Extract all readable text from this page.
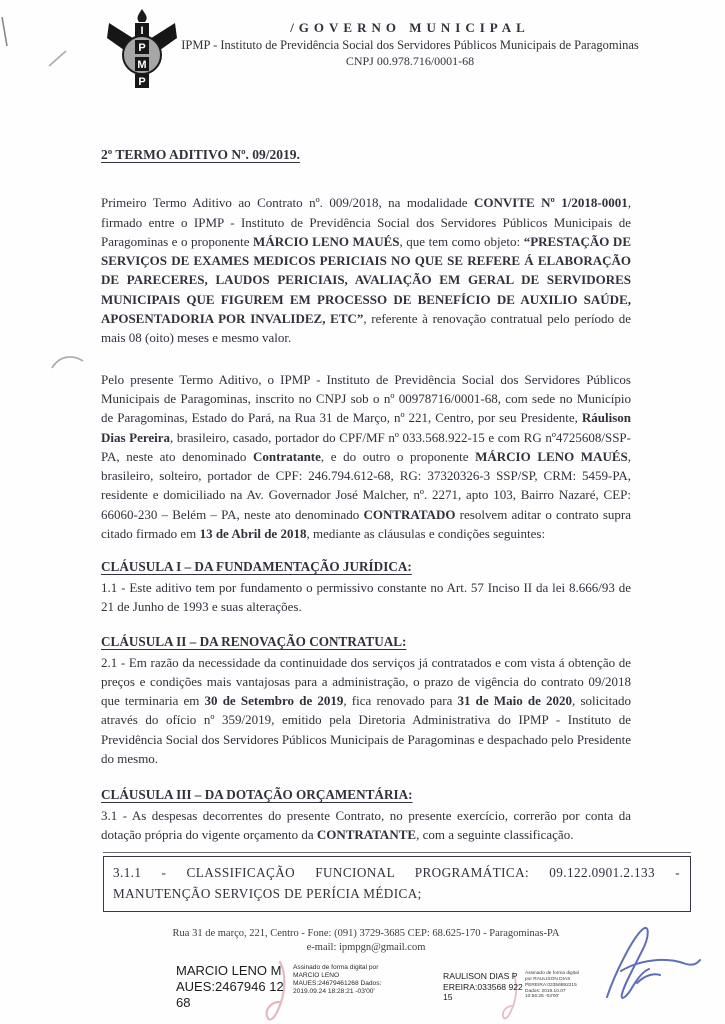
I
P
M
P
/GOVERNO MUNICIPAL
IPMP - Instituto de Previdência Social dos Servidores Públicos Municipais de Paragominas
CNPJ 00.978.716/0001-68
2º TERMO ADITIVO Nº. 09/2019.
Primeiro Termo Aditivo ao Contrato nº. 009/2018, na modalidade CONVITE Nº 1/2018-0001, firmado entre o IPMP - Instituto de Previdência Social dos Servidores Públicos Municipais de Paragominas e o proponente MÁRCIO LENO MAUÉS, que tem como objeto: “PRESTAÇÃO DE SERVIÇOS DE EXAMES MEDICOS PERICIAIS NO QUE SE REFERE Á ELABORAÇÃO DE PARECERES, LAUDOS PERICIAIS, AVALIAÇÃO EM GERAL DE SERVIDORES MUNICIPAIS QUE FIGUREM EM PROCESSO DE BENEFÍCIO DE AUXILIO SAÚDE, APOSENTADORIA POR INVALIDEZ, ETC”, referente à renovação contratual pelo período de mais 08 (oito) meses e mesmo valor.
Pelo presente Termo Aditivo, o IPMP - Instituto de Previdência Social dos Servidores Públicos Municipais de Paragominas, inscrito no CNPJ sob o nº 00978716/0001-68, com sede no Município de Paragominas, Estado do Pará, na Rua 31 de Março, nº 221, Centro, por seu Presidente, Ráulison Dias Pereira, brasileiro, casado, portador do CPF/MF nº 033.568.922-15 e com RG nº4725608/SSP-PA, neste ato denominado Contratante, e do outro o proponente MÁRCIO LENO MAUÉS, brasileiro, solteiro, portador de CPF: 246.794.612-68, RG: 37320326-3 SSP/SP, CRM: 5459-PA, residente e domiciliado na Av. Governador José Malcher, nº. 2271, apto 103, Bairro Nazaré, CEP: 66060-230 – Belém – PA, neste ato denominado CONTRATADO resolvem aditar o contrato supra citado firmado em 13 de Abril de 2018, mediante as cláusulas e condições seguintes:
CLÁUSULA I – DA FUNDAMENTAÇÃO JURÍDICA:
1.1 - Este aditivo tem por fundamento o permissivo constante no Art. 57 Inciso II da lei 8.666/93 de 21 de Junho de 1993 e suas alterações.
CLÁUSULA II – DA RENOVAÇÃO CONTRATUAL:
2.1 - Em razão da necessidade da continuidade dos serviços já contratados e com vista á obtenção de preços e condições mais vantajosas para a administração, o prazo de vigência do contrato 09/2018 que terminaria em 30 de Setembro de 2019, fica renovado para 31 de Maio de 2020, solicitado através do ofício nº 359/2019, emitido pela Diretoria Administrativa do IPMP - Instituto de Previdência Social dos Servidores Públicos Municipais de Paragominas e despachado pelo Presidente do mesmo.
CLÁUSULA III – DA DOTAÇÃO ORÇAMENTÁRIA:
3.1 - As despesas decorrentes do presente Contrato, no presente exercício, correrão por conta da dotação própria do vigente orçamento da CONTRATANTE, com a seguinte classificação.
3.1.1 - CLASSIFICAÇÃO FUNCIONAL PROGRAMÁTICA: 09.122.0901.2.133 -
MANUTENÇÃO SERVIÇOS DE PERÍCIA MÉDICA;
Rua 31 de março, 221, Centro - Fone: (091) 3729-3685 CEP: 68.625-170 - Paragominas-PA
e-mail: ipmpgn@gmail.com
MARCIO LENO MAUES:2467946 1268
Assinado de forma digital por MARCIO LENO MAUES:24679461268 Dados: 2019.09.24 18:28:21 -03'00'
RAULISON DIAS PEREIRA:033568 92215
Assinado de forma digital por RAULISON DIAS PEREIRA:03356892215 Dados: 2019.10.07 10:56:25 -03'00'
